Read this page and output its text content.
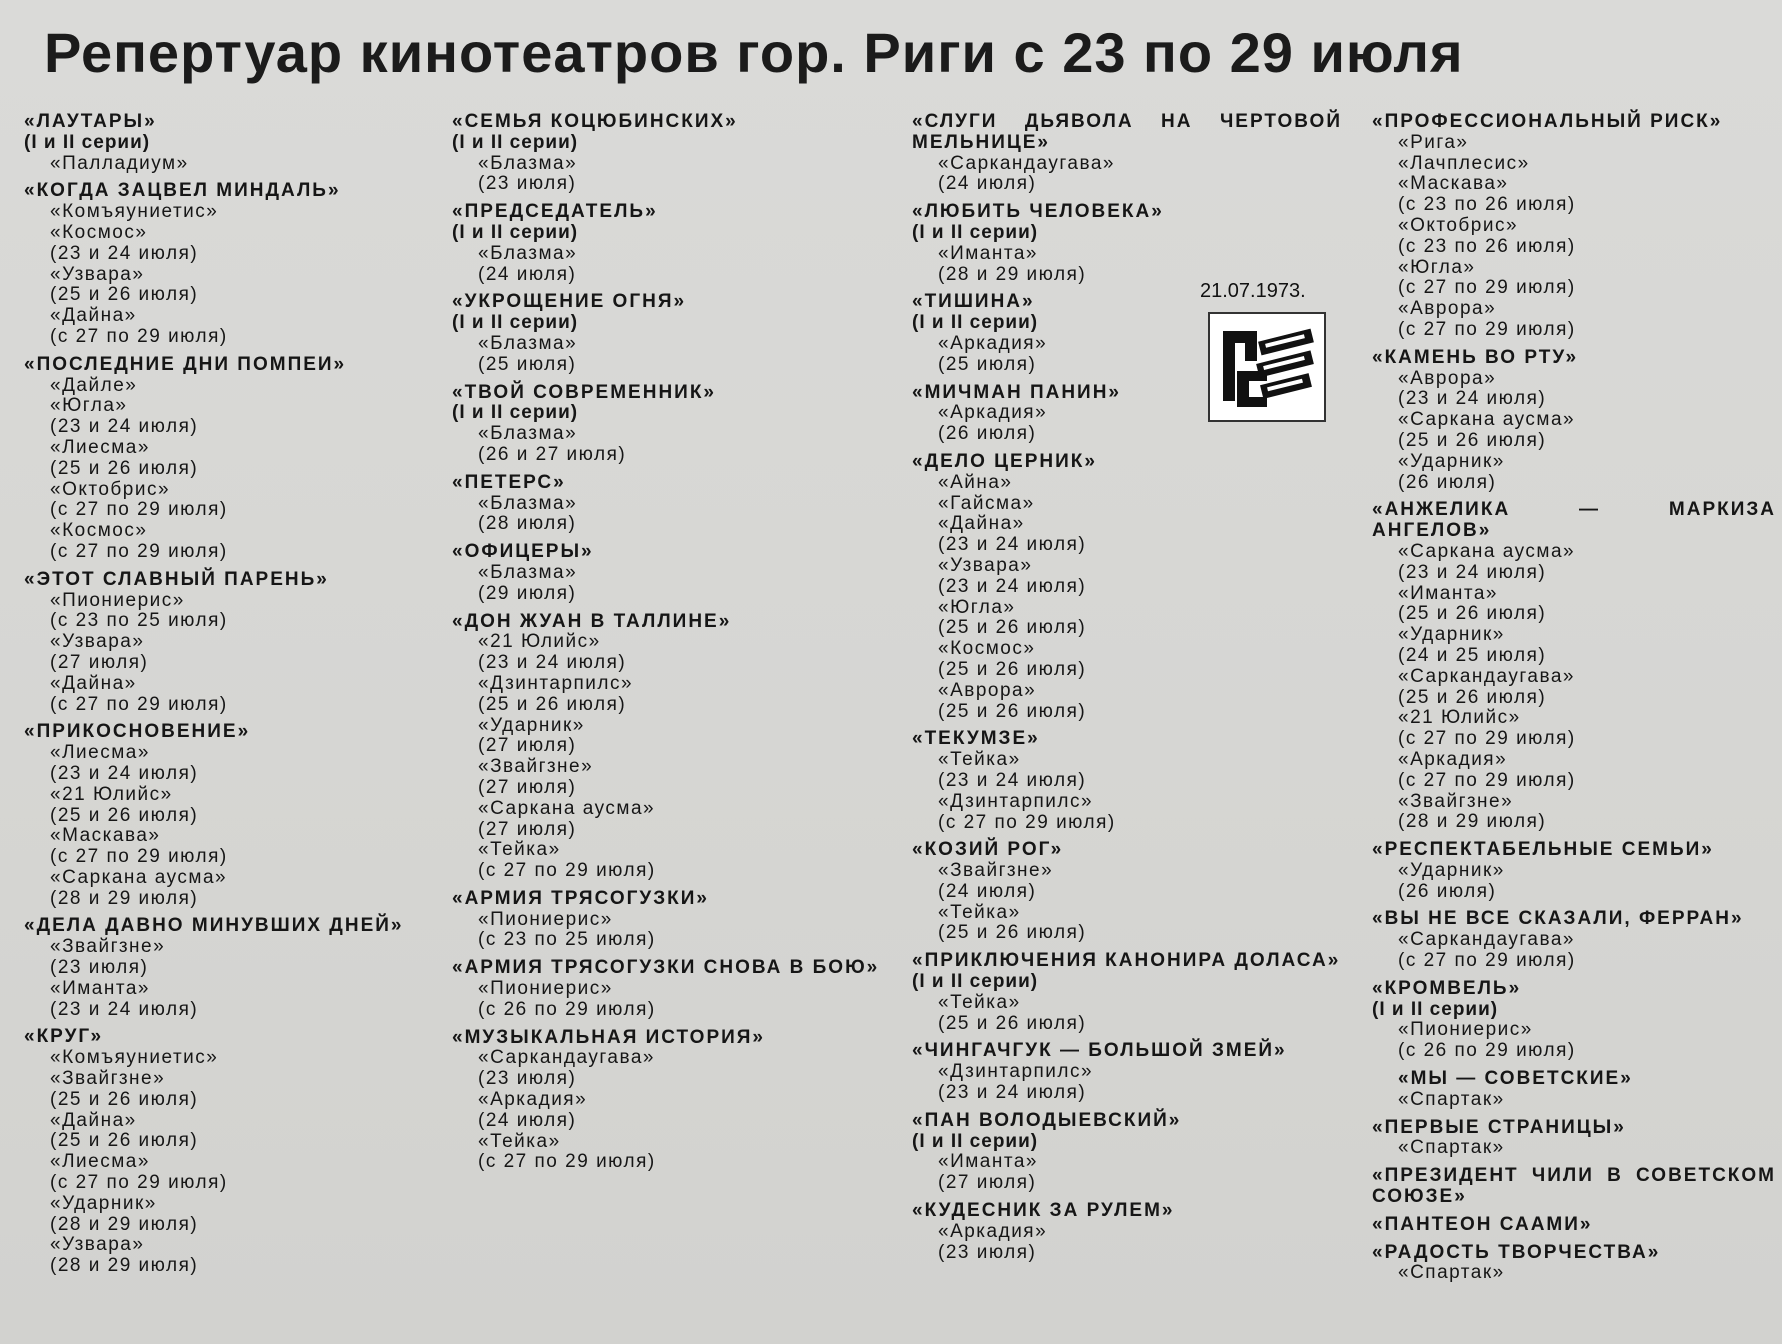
Репертуар кинотеатров гор. Риги с 23 по 29 июля
«ЛАУТАРЫ»
(I и II серии)
«Палладиум»
«КОГДА ЗАЦВЕЛ МИНДАЛЬ»
«Комъяуниетис»
«Космос»
(23 и 24 июля)
«Узвара»
(25 и 26 июля)
«Дайна»
(с 27 по 29 июля)
«ПОСЛЕДНИЕ ДНИ ПОМПЕИ»
«Дайле»
«Югла»
(23 и 24 июля)
«Лиесма»
(25 и 26 июля)
«Октобрис»
(с 27 по 29 июля)
«Космос»
(с 27 по 29 июля)
«ЭТОТ СЛАВНЫЙ ПАРЕНЬ»
«Пиониерис»
(с 23 по 25 июля)
«Узвара»
(27 июля)
«Дайна»
(с 27 по 29 июля)
«ПРИКОСНОВЕНИЕ»
«Лиесма»
(23 и 24 июля)
«21 Юлийс»
(25 и 26 июля)
«Маскава»
(с 27 по 29 июля)
«Саркана аусма»
(28 и 29 июля)
«ДЕЛА ДАВНО МИНУВШИХ ДНЕЙ»
«Звайгзне»
(23 июля)
«Иманта»
(23 и 24 июля)
«КРУГ»
«Комъяуниетис»
«Звайгзне»
(25 и 26 июля)
«Дайна»
(25 и 26 июля)
«Лиесма»
(с 27 по 29 июля)
«Ударник»
(28 и 29 июля)
«Узвара»
(28 и 29 июля)
«СЕМЬЯ КОЦЮБИНСКИХ»
(I и II серии)
«Блазма»
(23 июля)
«ПРЕДСЕДАТЕЛЬ»
(I и II серии)
«Блазма»
(24 июля)
«УКРОЩЕНИЕ ОГНЯ»
(I и II серии)
«Блазма»
(25 июля)
«ТВОЙ СОВРЕМЕННИК»
(I и II серии)
«Блазма»
(26 и 27 июля)
«ПЕТЕРС»
«Блазма»
(28 июля)
«ОФИЦЕРЫ»
«Блазма»
(29 июля)
«ДОН ЖУАН В ТАЛЛИНЕ»
«21 Юлийс»
(23 и 24 июля)
«Дзинтарпилс»
(25 и 26 июля)
«Ударник»
(27 июля)
«Звайгзне»
(27 июля)
«Саркана аусма»
(27 июля)
«Тейка»
(с 27 по 29 июля)
«АРМИЯ ТРЯСОГУЗКИ»
«Пиониерис»
(с 23 по 25 июля)
«АРМИЯ ТРЯСОГУЗКИ СНОВА В БОЮ»
«Пиониерис»
(с 26 по 29 июля)
«МУЗЫКАЛЬНАЯ ИСТОРИЯ»
«Саркандаугава»
(23 июля)
«Аркадия»
(24 июля)
«Тейка»
(с 27 по 29 июля)
«СЛУГИ ДЬЯВОЛА НА ЧЕРТОВОЙ МЕЛЬНИЦЕ»
«Саркандаугава»
(24 июля)
«ЛЮБИТЬ ЧЕЛОВЕКА»
(I и II серии)
«Иманта»
(28 и 29 июля)
«ТИШИНА»
(I и II серии)
«Аркадия»
(25 июля)
«МИЧМАН ПАНИН»
«Аркадия»
(26 июля)
«ДЕЛО ЦЕРНИК»
«Айна»
«Гайсма»
«Дайна»
(23 и 24 июля)
«Узвара»
(23 и 24 июля)
«Югла»
(25 и 26 июля)
«Космос»
(25 и 26 июля)
«Аврора»
(25 и 26 июля)
«ТЕКУМЗЕ»
«Тейка»
(23 и 24 июля)
«Дзинтарпилс»
(с 27 по 29 июля)
«КОЗИЙ РОГ»
«Звайгзне»
(24 июля)
«Тейка»
(25 и 26 июля)
«ПРИКЛЮЧЕНИЯ КАНОНИРА ДОЛАСА»
(I и II серии)
«Тейка»
(25 и 26 июля)
«ЧИНГАЧГУК — БОЛЬШОЙ ЗМЕЙ»
«Дзинтарпилс»
(23 и 24 июля)
«ПАН ВОЛОДЫЕВСКИЙ»
(I и II серии)
«Иманта»
(27 июля)
«КУДЕСНИК ЗА РУЛЕМ»
«Аркадия»
(23 июля)
«ПРОФЕССИОНАЛЬНЫЙ РИСК»
«Рига»
«Лачплесис»
«Маскава»
(с 23 по 26 июля)
«Октобрис»
(с 23 по 26 июля)
«Югла»
(с 27 по 29 июля)
«Аврора»
(с 27 по 29 июля)
«КАМЕНЬ ВО РТУ»
«Аврора»
(23 и 24 июля)
«Саркана аусма»
(25 и 26 июля)
«Ударник»
(26 июля)
«АНЖЕЛИКА — МАРКИЗА АНГЕЛОВ»
«Саркана аусма»
(23 и 24 июля)
«Иманта»
(25 и 26 июля)
«Ударник»
(24 и 25 июля)
«Саркандаугава»
(25 и 26 июля)
«21 Юлийс»
(с 27 по 29 июля)
«Аркадия»
(с 27 по 29 июля)
«Звайгзне»
(28 и 29 июля)
«РЕСПЕКТАБЕЛЬНЫЕ СЕМЬИ»
«Ударник»
(26 июля)
«ВЫ НЕ ВСЕ СКАЗАЛИ, ФЕРРАН»
«Саркандаугава»
(с 27 по 29 июля)
«КРОМВЕЛЬ»
(I и II серии)
«Пиониерис»
(с 26 по 29 июля)
«МЫ — СОВЕТСКИЕ»
«Спартак»
«ПЕРВЫЕ СТРАНИЦЫ»
«Спартак»
«ПРЕЗИДЕНТ ЧИЛИ В СОВЕТСКОМ СОЮЗЕ»
«ПАНТЕОН СААМИ»
«РАДОСТЬ ТВОРЧЕСТВА»
«Спартак»
21.07.1973.
